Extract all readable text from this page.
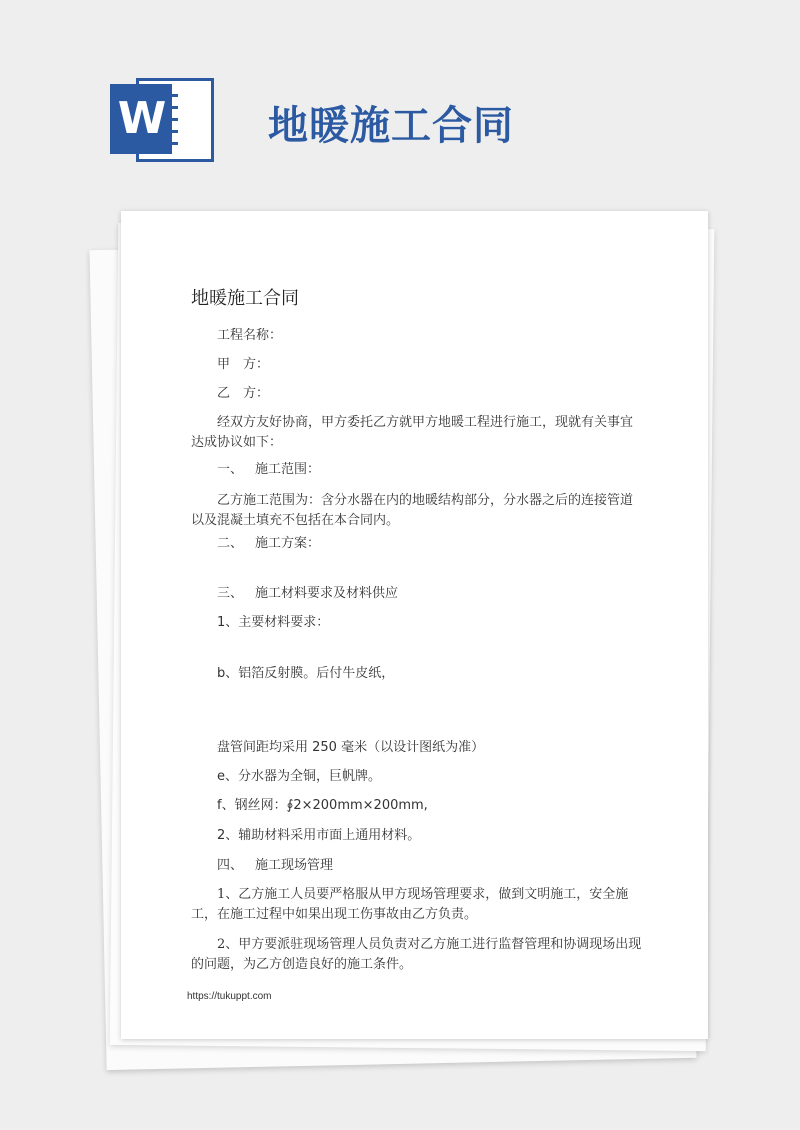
W	地暖施工合同
地暖施工合同
工程名称：
甲　方：
乙　方：
经双方友好协商，甲方委托乙方就甲方地暖工程进行施工，现就有关事宜
达成协议如下：
一、 施工范围：
乙方施工范围为：含分水器在内的地暖结构部分，分水器之后的连接管道
以及混凝土填充不包括在本合同内。
二、 施工方案：
三、 施工材料要求及材料供应
1、主要材料要求：
b、铝箔反射膜。后付牛皮纸，
盘管间距均采用 250 毫米（以设计图纸为准）
e、分水器为全铜，巨帆牌。
f、钢丝网：∮2×200mm×200mm,
2、辅助材料采用市面上通用材料。
四、 施工现场管理
1、乙方施工人员要严格服从甲方现场管理要求，做到文明施工，安全施
工，在施工过程中如果出现工伤事故由乙方负责。
2、甲方要派驻现场管理人员负责对乙方施工进行监督管理和协调现场出现
的问题，为乙方创造良好的施工条件。
https://tukuppt.com
